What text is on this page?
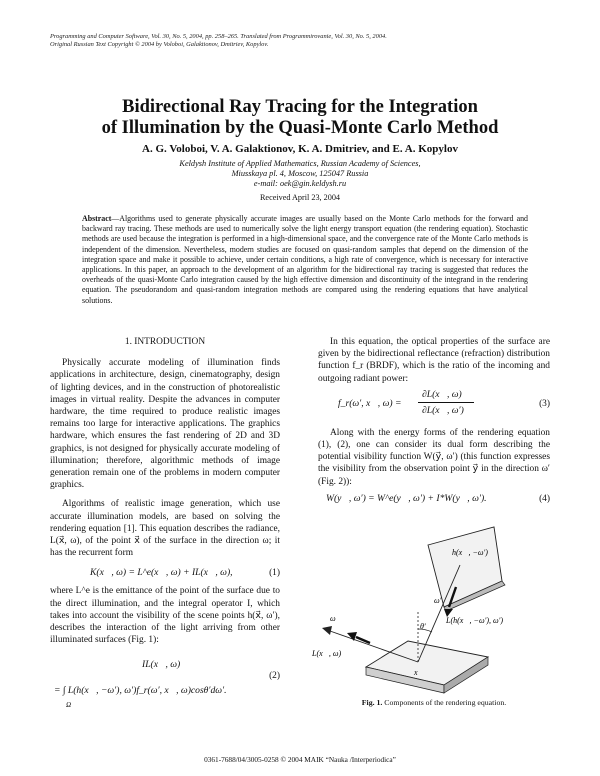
Programming and Computer Software, Vol. 30, No. 5, 2004, pp. 258–265. Translated from Programmirovanie, Vol. 30, No. 5, 2004.
Original Russian Text Copyright © 2004 by Voloboi, Galaktionov, Dmitriev, Kopylov.
Bidirectional Ray Tracing for the Integration
of Illumination by the Quasi-Monte Carlo Method
A. G. Voloboi, V. A. Galaktionov, K. A. Dmitriev, and E. A. Kopylov
Keldysh Institute of Applied Mathematics, Russian Academy of Sciences,
Miusskaya pl. 4, Moscow, 125047 Russia
e-mail: oek@gin.keldysh.ru
Received April 23, 2004
Abstract—Algorithms used to generate physically accurate images are usually based on the Monte Carlo methods for the forward and backward ray tracing. These methods are used to numerically solve the light energy transport equation (the rendering equation). Stochastic methods are used because the integration is performed in a high-dimensional space, and the convergence rate of the Monte Carlo methods is independent of the dimension. Nevertheless, modern studies are focused on quasi-random samples that depend on the dimension of the integration space and make it possible to achieve, under certain conditions, a high rate of convergence, which is necessary for interactive applications. In this paper, an approach to the development of an algorithm for the bidirectional ray tracing is suggested that reduces the overheads of the quasi-Monte Carlo integration caused by the high effective dimension and discontinuity of the integrand in the rendering equation. The pseudorandom and quasi-random integration methods are compared using the rendering equations that have analytical solutions.
1. INTRODUCTION

Physically accurate modeling of illumination finds applications in architecture, design, cinematography, design of lighting devices, and in the construction of photorealistic images in virtual reality. Despite the advances in computer hardware, the time required to produce realistic images remains too large for interactive applications. The graphics hardware, which ensures the fast rendering of 2D and 3D graphics, is not designed for physically accurate modeling of illumination; therefore, algorithmic methods of image generation remain one of the problems in modern computer graphics.

Algorithms of realistic image generation, which use accurate illumination models, are based on solving the rendering equation [1]. This equation describes the radiance, L(x⃗, ω), of the point x⃗ of the surface in the direction ω; it has the recurrent form

K(x⃗, ω) = L^e(x⃗, ω) + IL(x⃗, ω),	(1)

where L^e is the emittance of the point of the surface due to the direct illumination, and the integral operator I, which takes into account the visibility of the scene points h(x⃗, ω′), describes the interaction of the light arriving from other illuminated surfaces (Fig. 1):

IL(x⃗, ω)
= ∫ L(h(x⃗, −ω′), ω′)f_r(ω′, x⃗, ω)cosθ′dω′.
Ω
(2)

In this equation, the optical properties of the surface are given by the bidirectional reflectance (refraction) distribution function f_r (BRDF), which is the ratio of the incoming and outgoing radiant power:

f_r(ω′, x⃗, ω) =
∂L(x⃗, ω)
∂L(x⃗, ω′)
(3)

Along with the energy forms of the rendering equation (1), (2), one can consider its dual form describing the potential visibility function W(y⃗, ω′) (this function expresses the visibility from the observation point y⃗ in the direction ω′ (Fig. 2)):

W(y⃗, ω′) = W^e(y⃗, ω′) + I*W(y⃗, ω′).	(4)
h(x⃗, −ω′)
ω′
θ′
L(h(x⃗, −ω′), ω′)
ω
L(x⃗, ω)
x⃗
Fig. 1. Components of the rendering equation.
0361-7688/04/3005-0258 © 2004 MAIK “Nauka /Interperiodica”
